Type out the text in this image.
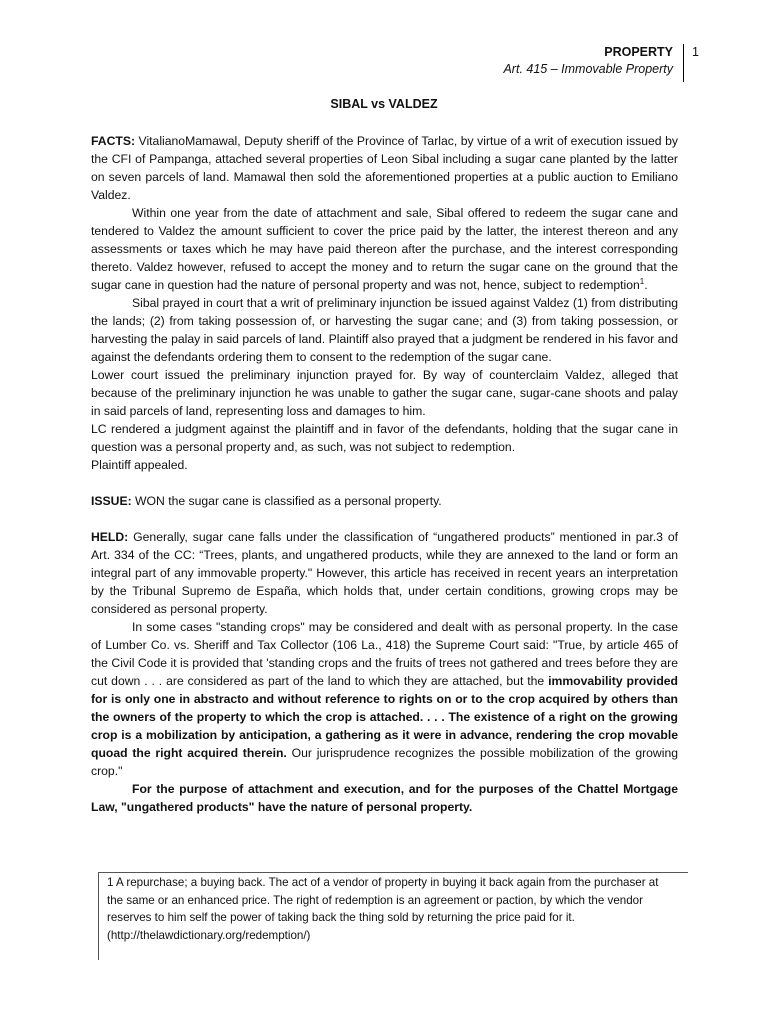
PROPERTY
Art. 415 – Immovable Property
1
SIBAL vs VALDEZ

FACTS: VitalianoMamawal, Deputy sheriff of the Province of Tarlac, by virtue of a writ of execution issued by the CFI of Pampanga, attached several properties of Leon Sibal including a sugar cane planted by the latter on seven parcels of land. Mamawal then sold the aforementioned properties at a public auction to Emiliano Valdez.

Within one year from the date of attachment and sale, Sibal offered to redeem the sugar cane and tendered to Valdez the amount sufficient to cover the price paid by the latter, the interest thereon and any assessments or taxes which he may have paid thereon after the purchase, and the interest corresponding thereto. Valdez however, refused to accept the money and to return the sugar cane on the ground that the sugar cane in question had the nature of personal property and was not, hence, subject to redemption$^1$.

Sibal prayed in court that a writ of preliminary injunction be issued against Valdez (1) from distributing the lands; (2) from taking possession of, or harvesting the sugar cane; and (3) from taking possession, or harvesting the palay in said parcels of land. Plaintiff also prayed that a judgment be rendered in his favor and against the defendants ordering them to consent to the redemption of the sugar cane.

Lower court issued the preliminary injunction prayed for. By way of counterclaim Valdez, alleged that because of the preliminary injunction he was unable to gather the sugar cane, sugar-cane shoots and palay in said parcels of land, representing loss and damages to him.

LC rendered a judgment against the plaintiff and in favor of the defendants, holding that the sugar cane in question was a personal property and, as such, was not subject to redemption.

Plaintiff appealed.

ISSUE: WON the sugar cane is classified as a personal property.

HELD: Generally, sugar cane falls under the classification of “ungathered products” mentioned in par.3 of Art. 334 of the CC: “Trees, plants, and ungathered products, while they are annexed to the land or form an integral part of any immovable property." However, this article has received in recent years an interpretation by the Tribunal Supremo de España, which holds that, under certain conditions, growing crops may be considered as personal property.

In some cases "standing crops" may be considered and dealt with as personal property. In the case of Lumber Co. vs. Sheriff and Tax Collector (106 La., 418) the Supreme Court said: "True, by article 465 of the Civil Code it is provided that 'standing crops and the fruits of trees not gathered and trees before they are cut down . . . are considered as part of the land to which they are attached, but the immovability provided for is only one in abstracto and without reference to rights on or to the crop acquired by others than the owners of the property to which the crop is attached. . . . The existence of a right on the growing crop is a mobilization by anticipation, a gathering as it were in advance, rendering the crop movable quoad the right acquired therein. Our jurisprudence recognizes the possible mobilization of the growing crop."

For the purpose of attachment and execution, and for the purposes of the Chattel Mortgage Law, "ungathered products" have the nature of personal property.

1 A repurchase; a buying back. The act of a vendor of property in buying it back again from the purchaser at the same or an enhanced price. The right of redemption is an agreement or paction, by which the vendor reserves to him self the power of taking back the thing sold by returning the price paid for it. (http://thelawdictionary.org/redemption/)
